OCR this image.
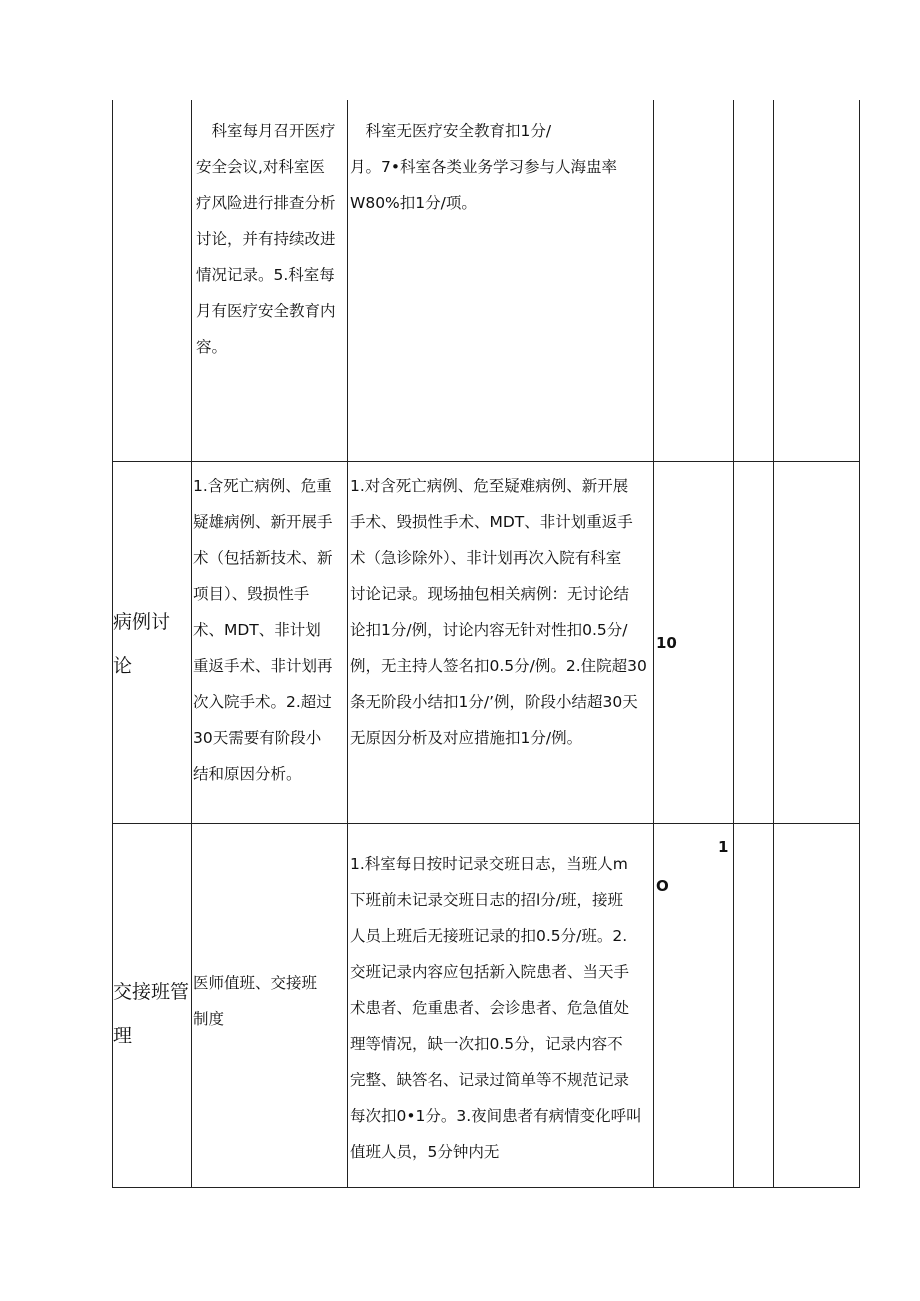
　科室每月召开医疗
安全会议,对科室医
疗风险进行排查分析
讨论，并有持续改进
情况记录。5.科室每
月有医疗安全教育内
容。
　科室无医疗安全教育扣1分/
月。7•科室各类业务学习参与人海盅率
W80%扣1分/项。
病例讨 论
1.含死亡病例、危重
疑雄病例、新开展手
术（包括新技术、新
项目）、毁损性手
术、MDT、非计划
重返手术、非计划再
次入院手术。2.超过
30天需要有阶段小
结和原因分析。
1.对含死亡病例、危至疑难病例、新开展
手术、毁损性手术、MDT、非计划重返手
术（急诊除外）、非计划再次入院有科室
讨论记录。现场抽包相关病例：无讨论结
论扣1分/例，讨论内容无针对性扣0.5分/
例，无主持人签名扣0.5分/例。2.住院超30
条无阶段小结扣1分/’例，阶段小结超30天
无原因分析及对应措施扣1分/例。
10
交接班管 理
医师值班、交接班
制度
1.科室每日按时记录交班日志，当班人m
下班前未记录交班日志的招l分/班，接班
人员上班后无接班记录的扣0.5分/班。2.
交班记录内容应包括新入院患者、当天手
术患者、危重患者、会诊患者、危急值处
理等情况，缺一次扣0.5分，记录内容不
完整、缺答名、记录过简单等不规范记录
每次扣0•1分。3.夜间患者有病情变化呼叫
值班人员，5分钟内无
1
O
